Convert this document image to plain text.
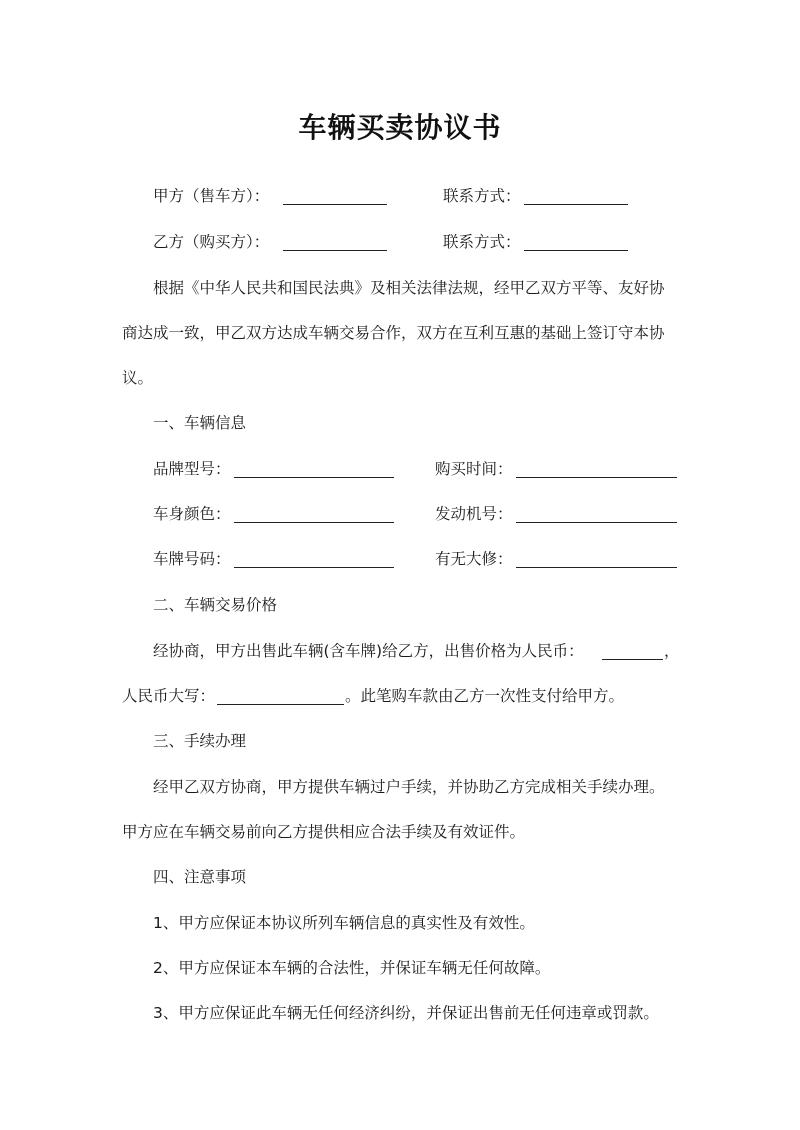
车辆买卖协议书
甲方（售车方）：	联系方式：
乙方（购买方）：	联系方式：
根据《中华人民共和国民法典》及相关法律法规，经甲乙双方平等、友好协
商达成一致，甲乙双方达成车辆交易合作，双方在互利互惠的基础上签订守本协
议。
一、车辆信息
品牌型号：	购买时间：
车身颜色：	发动机号：
车牌号码：	有无大修：
二、车辆交易价格
经协商，甲方出售此车辆(含车牌)给乙方，出售价格为人民币：	，
人民币大写：	。此笔购车款由乙方一次性支付给甲方。
三、手续办理
经甲乙双方协商，甲方提供车辆过户手续，并协助乙方完成相关手续办理。
甲方应在车辆交易前向乙方提供相应合法手续及有效证件。
四、注意事项
1、甲方应保证本协议所列车辆信息的真实性及有效性。
2、甲方应保证本车辆的合法性，并保证车辆无任何故障。
3、甲方应保证此车辆无任何经济纠纷，并保证出售前无任何违章或罚款。
